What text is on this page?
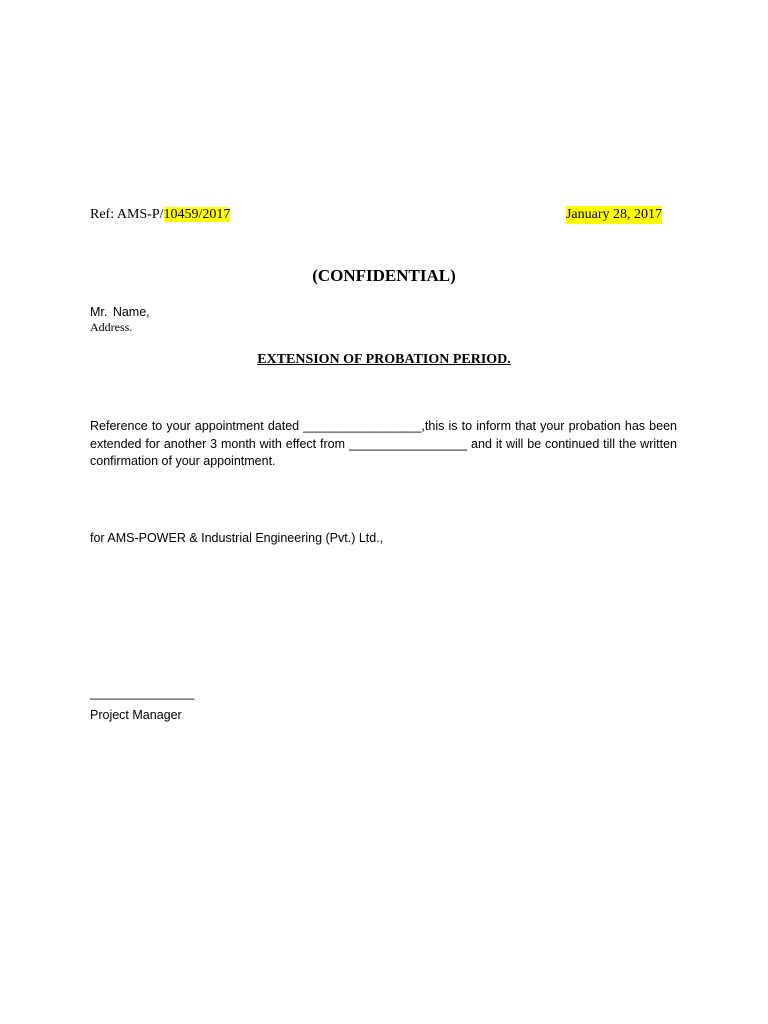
Ref: AMS-P/10459/2017	January 28, 2017
(CONFIDENTIAL)
Mr. Name,
Address.
EXTENSION OF PROBATION PERIOD.
Reference to your appointment dated _________________,this is to inform that your probation has been extended for another 3 month with effect from _________________ and it will be continued till the written confirmation of your appointment.
for AMS-POWER & Industrial Engineering (Pvt.) Ltd.,
_______________
Project Manager
